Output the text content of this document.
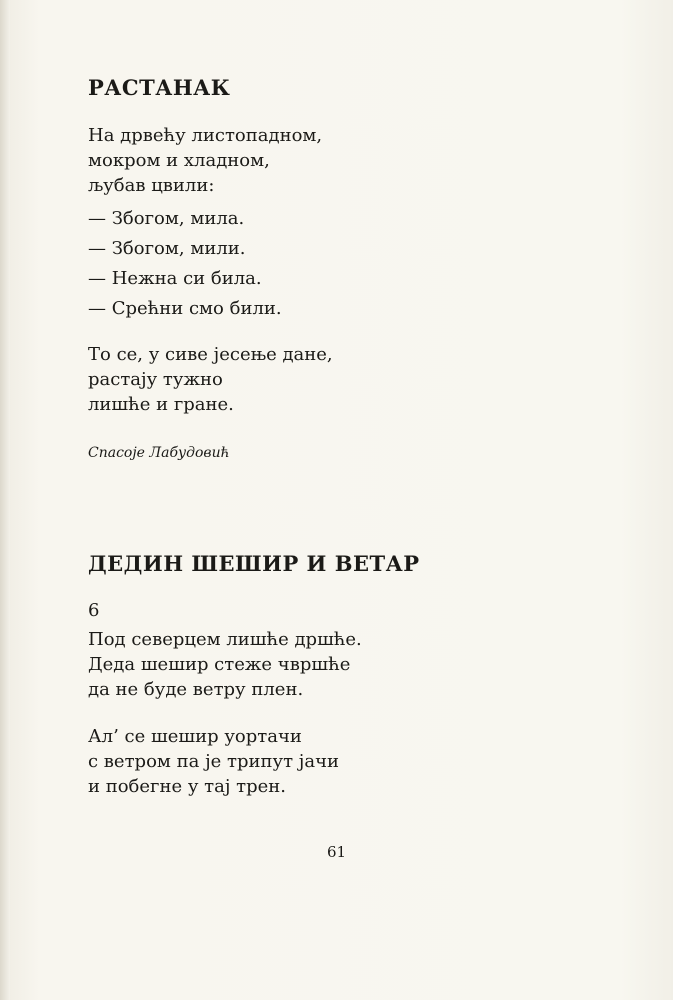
РАСТАНАК
На дрвећу листопадном,
мокром и хладном,
љубав цвили:
— Збогом, мила.
— Збогом, мили.
— Нежна си била.
— Срећни смо били.
То се, у сиве јесење дане,
растају тужно
лишће и гране.

Спасоје Лабудовић

ДЕДИН ШЕШИР И ВЕТАР

6

Под северцем лишће дршће.
Деда шешир стеже чвршће
да не буде ветру плен.
Ал’ се шешир уортачи
с ветром па је трипут јачи
и побегне у тај трен.
61
